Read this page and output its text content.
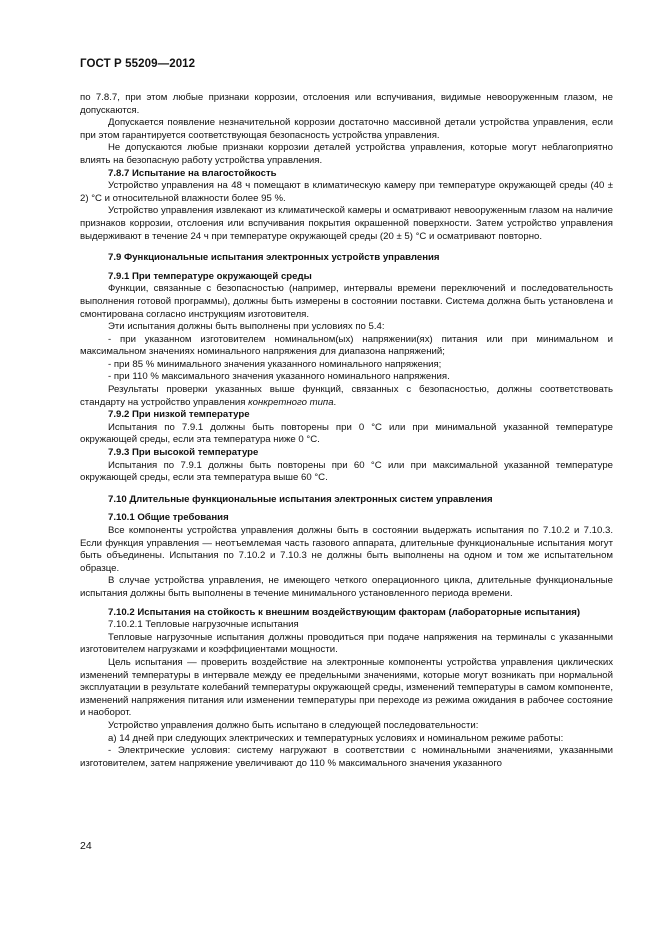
ГОСТ Р 55209—2012

по 7.8.7, при этом любые признаки коррозии, отслоения или вспучивания, видимые невооруженным глазом, не допускаются.

Допускается появление незначительной коррозии достаточно массивной детали устройства управления, если при этом гарантируется соответствующая безопасность устройства управления.

Не допускаются любые признаки коррозии деталей устройства управления, которые могут неблагоприятно влиять на безопасную работу устройства управления.

7.8.7 Испытание на влагостойкость

Устройство управления на 48 ч помещают в климатическую камеру при температуре окружающей среды (40 ± 2) °С и относительной влажности более 95 %.

Устройство управления извлекают из климатической камеры и осматривают невооруженным глазом на наличие признаков коррозии, отслоения или вспучивания покрытия окрашенной поверхности. Затем устройство управления выдерживают в течение 24 ч при температуре окружающей среды (20 ± 5) °С и осматривают повторно.

7.9 Функциональные испытания электронных устройств управления

7.9.1 При температуре окружающей среды

Функции, связанные с безопасностью (например, интервалы времени переключений и последовательность выполнения готовой программы), должны быть измерены в состоянии поставки. Система должна быть установлена и смонтирована согласно инструкциям изготовителя.

Эти испытания должны быть выполнены при условиях по 5.4:

- при указанном изготовителем номинальном(ых) напряжении(ях) питания или при минимальном и максимальном значениях номинального напряжения для диапазона напряжений;

- при 85 % минимального значения указанного номинального напряжения;

- при 110 % максимального значения указанного номинального напряжения.

Результаты проверки указанных выше функций, связанных с безопасностью, должны соответствовать стандарту на устройство управления конкретного типа.

7.9.2 При низкой температуре

Испытания по 7.9.1 должны быть повторены при 0 °С или при минимальной указанной температуре окружающей среды, если эта температура ниже 0 °С.

7.9.3 При высокой температуре

Испытания по 7.9.1 должны быть повторены при 60 °С или при максимальной указанной температуре окружающей среды, если эта температура выше 60 °С.

7.10 Длительные функциональные испытания электронных систем управления

7.10.1 Общие требования

Все компоненты устройства управления должны быть в состоянии выдержать испытания по 7.10.2 и 7.10.3. Если функция управления — неотъемлемая часть газового аппарата, длительные функциональные испытания могут быть объединены. Испытания по 7.10.2 и 7.10.3 не должны быть выполнены на одном и том же испытательном образце.

В случае устройства управления, не имеющего четкого операционного цикла, длительные функциональные испытания должны быть выполнены в течение минимального установленного периода времени.

7.10.2 Испытания на стойкость к внешним воздействующим факторам (лабораторные испытания)

7.10.2.1 Тепловые нагрузочные испытания

Тепловые нагрузочные испытания должны проводиться при подаче напряжения на терминалы с указанными изготовителем нагрузками и коэффициентами мощности.

Цель испытания — проверить воздействие на электронные компоненты устройства управления циклических изменений температуры в интервале между ее предельными значениями, которые могут возникать при нормальной эксплуатации в результате колебаний температуры окружающей среды, изменений температуры в самом компоненте, изменений напряжения питания или изменении температуры при переходе из режима ожидания в рабочее состояние и наоборот.

Устройство управления должно быть испытано в следующей последовательности:

а) 14 дней при следующих электрических и температурных условиях и номинальном режиме работы:

- Электрические условия: систему нагружают в соответствии с номинальными значениями, указанными изготовителем, затем напряжение увеличивают до 110 % максимального значения указанного

24
